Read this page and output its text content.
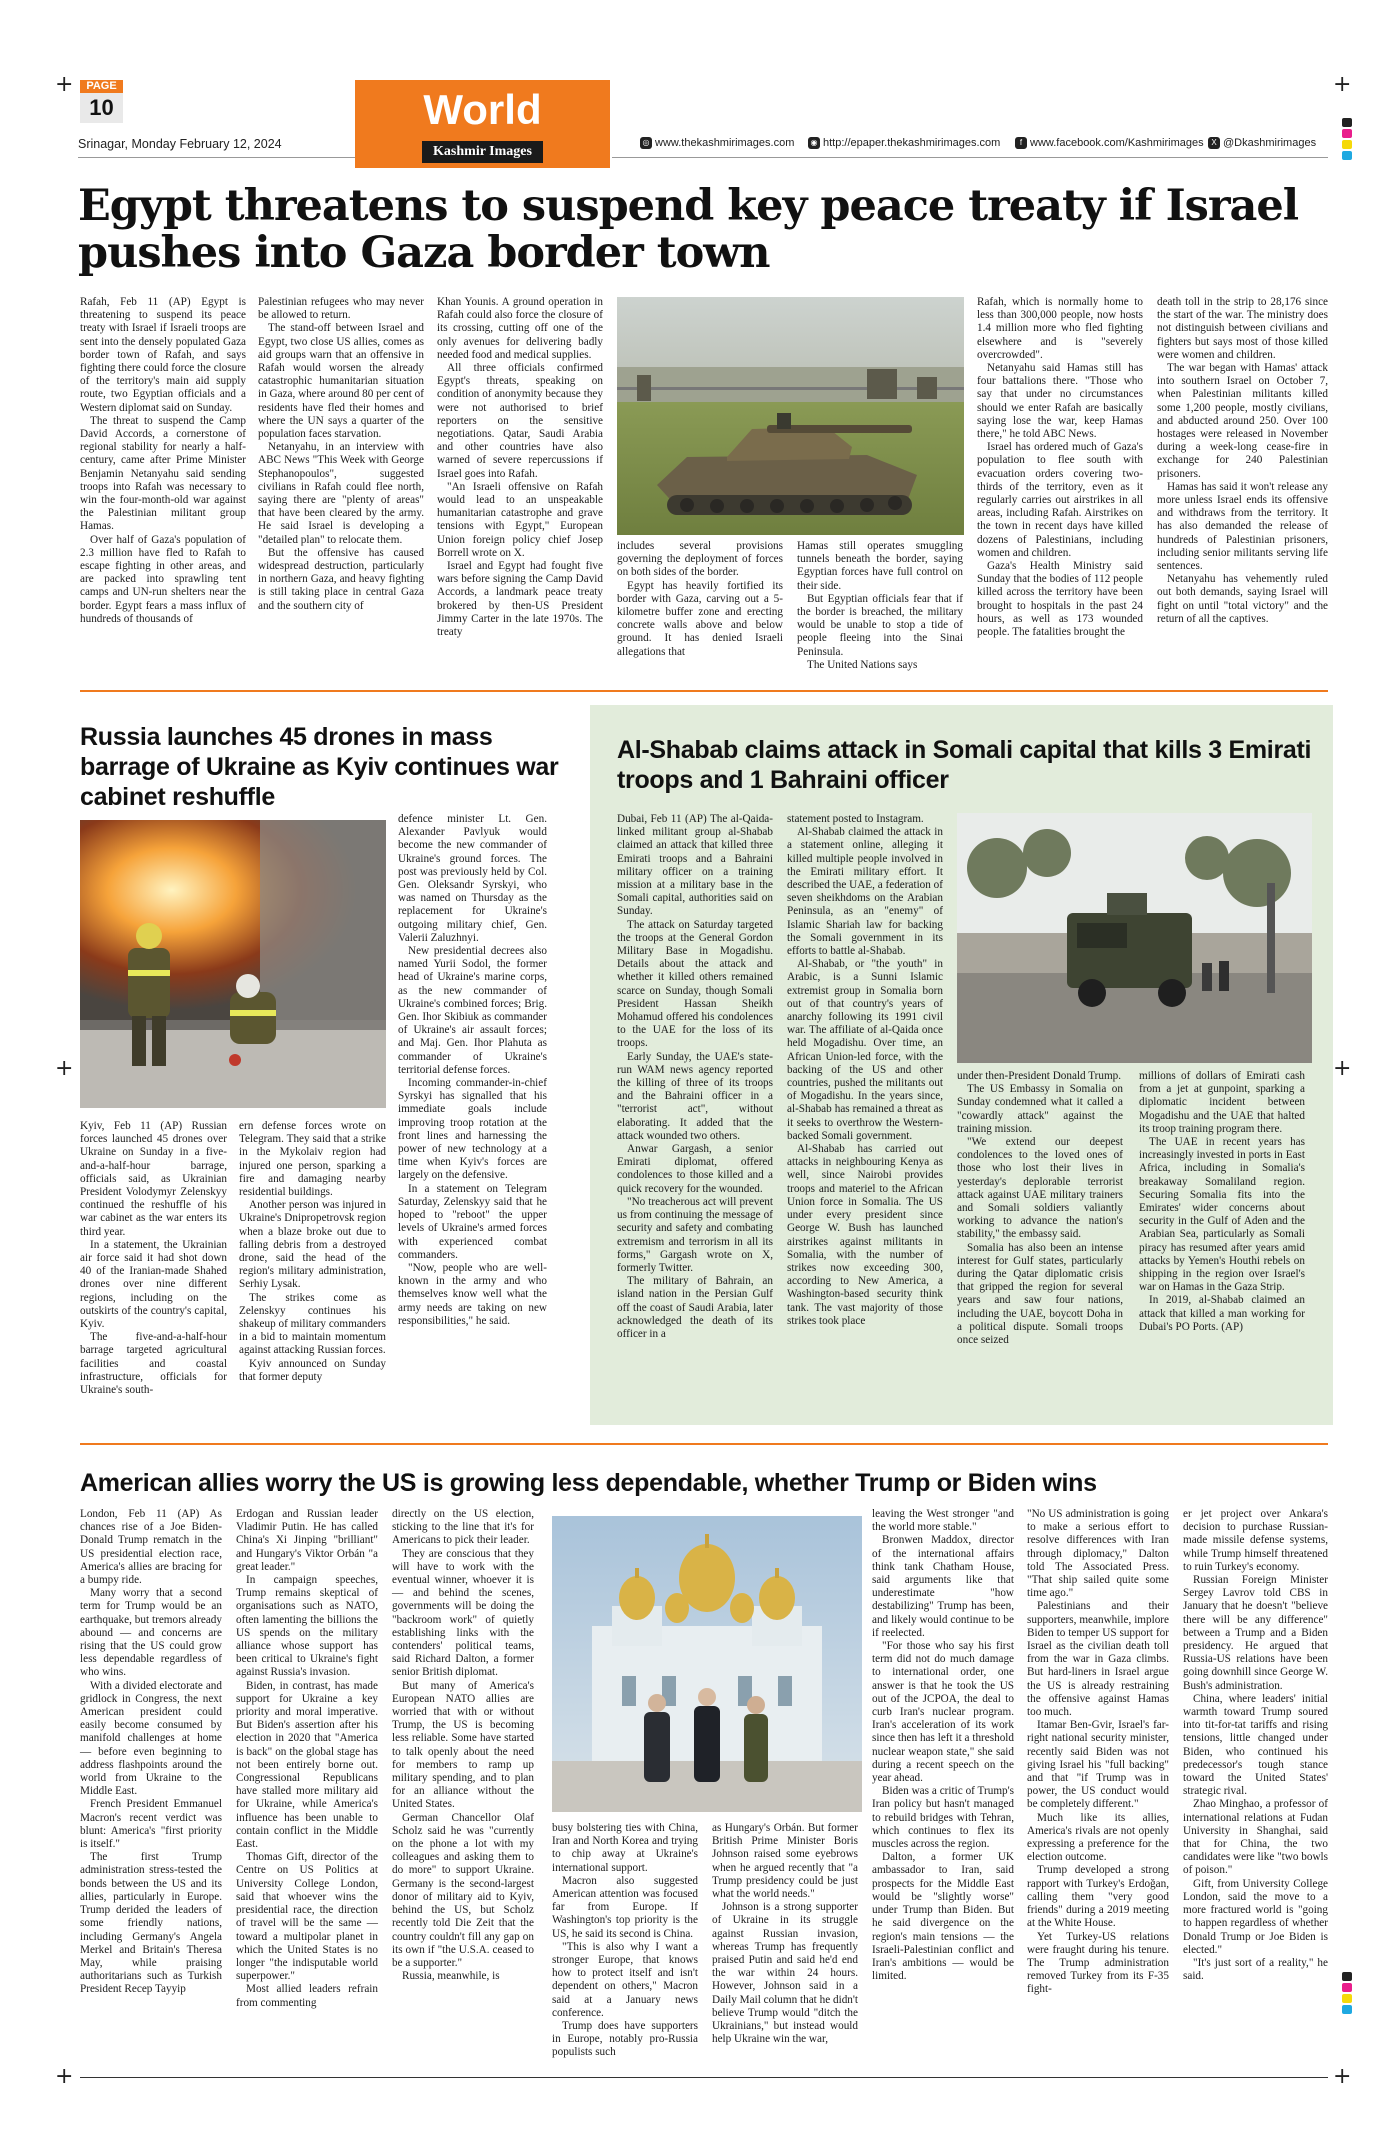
+	+
+	+
+	+
PAGE
10
Srinagar, Monday February 12, 2024
World
Kashmir Images
◎ www.thekashmirimages.com	◉ http://epaper.thekashmirimages.com	f www.facebook.com/Kashmirimages X @Dkashmirimages
Egypt threatens to suspend key peace treaty if Israel pushes into Gaza border town

Rafah, Feb 11 (AP) Egypt is threatening to suspend its peace treaty with Israel if Israeli troops are sent into the densely populated Gaza border town of Rafah, and says fighting there could force the closure of the territory's main aid supply route, two Egyptian officials and a Western diplomat said on Sunday.

The threat to suspend the Camp David Accords, a cornerstone of regional stability for nearly a half-century, came after Prime Minister Benjamin Netanyahu said sending troops into Rafah was necessary to win the four-month-old war against the Palestinian militant group Hamas.

Over half of Gaza's population of 2.3 million have fled to Rafah to escape fighting in other areas, and are packed into sprawling tent camps and UN-run shelters near the border. Egypt fears a mass influx of hundreds of thousands of

Palestinian refugees who may never be allowed to return.

The stand-off between Israel and Egypt, two close US allies, comes as aid groups warn that an offensive in Rafah would worsen the already catastrophic humanitarian situation in Gaza, where around 80 per cent of residents have fled their homes and where the UN says a quarter of the population faces starvation.

Netanyahu, in an interview with ABC News "This Week with George Stephanopoulos", suggested civilians in Rafah could flee north, saying there are "plenty of areas" that have been cleared by the army. He said Israel is developing a "detailed plan" to relocate them.

But the offensive has caused widespread destruction, particularly in northern Gaza, and heavy fighting is still taking place in central Gaza and the southern city of

Khan Younis. A ground operation in Rafah could also force the closure of its crossing, cutting off one of the only avenues for delivering badly needed food and medical supplies.

All three officials confirmed Egypt's threats, speaking on condition of anonymity because they were not authorised to brief reporters on the sensitive negotiations. Qatar, Saudi Arabia and other countries have also warned of severe repercussions if Israel goes into Rafah.

"An Israeli offensive on Rafah would lead to an unspeakable humanitarian catastrophe and grave tensions with Egypt," European Union foreign policy chief Josep Borrell wrote on X.

Israel and Egypt had fought five wars before signing the Camp David Accords, a landmark peace treaty brokered by then-US President Jimmy Carter in the late 1970s. The treaty

includes several provisions governing the deployment of forces on both sides of the border.

Egypt has heavily fortified its border with Gaza, carving out a 5-kilometre buffer zone and erecting concrete walls above and below ground. It has denied Israeli allegations that

Hamas still operates smuggling tunnels beneath the border, saying Egyptian forces have full control on their side.

But Egyptian officials fear that if the border is breached, the military would be unable to stop a tide of people fleeing into the Sinai Peninsula.

The United Nations says

Rafah, which is normally home to less than 300,000 people, now hosts 1.4 million more who fled fighting elsewhere and is "severely overcrowded".

Netanyahu said Hamas still has four battalions there. "Those who say that under no circumstances should we enter Rafah are basically saying lose the war, keep Hamas there," he told ABC News.

Israel has ordered much of Gaza's population to flee south with evacuation orders covering two-thirds of the territory, even as it regularly carries out airstrikes in all areas, including Rafah. Airstrikes on the town in recent days have killed dozens of Palestinians, including women and children.

Gaza's Health Ministry said Sunday that the bodies of 112 people killed across the territory have been brought to hospitals in the past 24 hours, as well as 173 wounded people. The fatalities brought the

death toll in the strip to 28,176 since the start of the war. The ministry does not distinguish between civilians and fighters but says most of those killed were women and children.

The war began with Hamas' attack into southern Israel on October 7, when Palestinian militants killed some 1,200 people, mostly civilians, and abducted around 250. Over 100 hostages were released in November during a week-long cease-fire in exchange for 240 Palestinian prisoners.

Hamas has said it won't release any more unless Israel ends its offensive and withdraws from the territory. It has also demanded the release of hundreds of Palestinian prisoners, including senior militants serving life sentences.

Netanyahu has vehemently ruled out both demands, saying Israel will fight on until "total victory" and the return of all the captives.

Russia launches 45 drones in mass barrage of Ukraine as Kyiv continues war cabinet reshuffle

Kyiv, Feb 11 (AP) Russian forces launched 45 drones over Ukraine on Sunday in a five-and-a-half-hour barrage, officials said, as Ukrainian President Volodymyr Zelenskyy continued the reshuffle of his war cabinet as the war enters its third year.

In a statement, the Ukrainian air force said it had shot down 40 of the Iranian-made Shahed drones over nine different regions, including on the outskirts of the country's capital, Kyiv.

The five-and-a-half-hour barrage targeted agricultural facilities and coastal infrastructure, officials for Ukraine's south-

ern defense forces wrote on Telegram. They said that a strike in the Mykolaiv region had injured one person, sparking a fire and damaging nearby residential buildings.

Another person was injured in Ukraine's Dnipropetrovsk region when a blaze broke out due to falling debris from a destroyed drone, said the head of the region's military administration, Serhiy Lysak.

The strikes come as Zelenskyy continues his shakeup of military commanders in a bid to maintain momentum against attacking Russian forces.

Kyiv announced on Sunday that former deputy

defence minister Lt. Gen. Alexander Pavlyuk would become the new commander of Ukraine's ground forces. The post was previously held by Col. Gen. Oleksandr Syrskyi, who was named on Thursday as the replacement for Ukraine's outgoing military chief, Gen. Valerii Zaluzhnyi.

New presidential decrees also named Yurii Sodol, the former head of Ukraine's marine corps, as the new commander of Ukraine's combined forces; Brig. Gen. Ihor Skibiuk as commander of Ukraine's air assault forces; and Maj. Gen. Ihor Plahuta as commander of Ukraine's territorial defense forces.

Incoming commander-in-chief Syrskyi has signalled that his immediate goals include improving troop rotation at the front lines and harnessing the power of new technology at a time when Kyiv's forces are largely on the defensive.

In a statement on Telegram Saturday, Zelenskyy said that he hoped to "reboot" the upper levels of Ukraine's armed forces with experienced combat commanders.

"Now, people who are well-known in the army and who themselves know well what the army needs are taking on new responsibilities," he said.

Al-Shabab claims attack in Somali capital that kills 3 Emirati troops and 1 Bahraini officer

Dubai, Feb 11 (AP) The al-Qaida-linked militant group al-Shabab claimed an attack that killed three Emirati troops and a Bahraini military officer on a training mission at a military base in the Somali capital, authorities said on Sunday.

The attack on Saturday targeted the troops at the General Gordon Military Base in Mogadishu. Details about the attack and whether it killed others remained scarce on Sunday, though Somali President Hassan Sheikh Mohamud offered his condolences to the UAE for the loss of its troops.

Early Sunday, the UAE's state-run WAM news agency reported the killing of three of its troops and the Bahraini officer in a "terrorist act", without elaborating. It added that the attack wounded two others.

Anwar Gargash, a senior Emirati diplomat, offered condolences to those killed and a quick recovery for the wounded.

"No treacherous act will prevent us from continuing the message of security and safety and combating extremism and terrorism in all its forms," Gargash wrote on X, formerly Twitter.

The military of Bahrain, an island nation in the Persian Gulf off the coast of Saudi Arabia, later acknowledged the death of its officer in a

statement posted to Instagram.

Al-Shabab claimed the attack in a statement online, alleging it killed multiple people involved in the Emirati military effort. It described the UAE, a federation of seven sheikhdoms on the Arabian Peninsula, as an "enemy" of Islamic Shariah law for backing the Somali government in its efforts to battle al-Shabab.

Al-Shabab, or "the youth" in Arabic, is a Sunni Islamic extremist group in Somalia born out of that country's years of anarchy following its 1991 civil war. The affiliate of al-Qaida once held Mogadishu. Over time, an African Union-led force, with the backing of the US and other countries, pushed the militants out of Mogadishu. In the years since, al-Shabab has remained a threat as it seeks to overthrow the Western-backed Somali government.

Al-Shabab has carried out attacks in neighbouring Kenya as well, since Nairobi provides troops and materiel to the African Union force in Somalia. The US under every president since George W. Bush has launched airstrikes against militants in Somalia, with the number of strikes now exceeding 300, according to New America, a Washington-based security think tank. The vast majority of those strikes took place

under then-President Donald Trump.

The US Embassy in Somalia on Sunday condemned what it called a "cowardly attack" against the training mission.

"We extend our deepest condolences to the loved ones of those who lost their lives in yesterday's deplorable terrorist attack against UAE military trainers and Somali soldiers valiantly working to advance the nation's stability," the embassy said.

Somalia has also been an intense interest for Gulf states, particularly during the Qatar diplomatic crisis that gripped the region for several years and saw four nations, including the UAE, boycott Doha in a political dispute. Somali troops once seized

millions of dollars of Emirati cash from a jet at gunpoint, sparking a diplomatic incident between Mogadishu and the UAE that halted its troop training program there.

The UAE in recent years has increasingly invested in ports in East Africa, including in Somalia's breakaway Somaliland region. Securing Somalia fits into the Emirates' wider concerns about security in the Gulf of Aden and the Arabian Sea, particularly as Somali piracy has resumed after years amid attacks by Yemen's Houthi rebels on shipping in the region over Israel's war on Hamas in the Gaza Strip.

In 2019, al-Shabab claimed an attack that killed a man working for Dubai's PO Ports. (AP)

American allies worry the US is growing less dependable, whether Trump or Biden wins

London, Feb 11 (AP) As chances rise of a Joe Biden-Donald Trump rematch in the US presidential election race, America's allies are bracing for a bumpy ride.

Many worry that a second term for Trump would be an earthquake, but tremors already abound — and concerns are rising that the US could grow less dependable regardless of who wins.

With a divided electorate and gridlock in Congress, the next American president could easily become consumed by manifold challenges at home — before even beginning to address flashpoints around the world from Ukraine to the Middle East.

French President Emmanuel Macron's recent verdict was blunt: America's "first priority is itself."

The first Trump administration stress-tested the bonds between the US and its allies, particularly in Europe. Trump derided the leaders of some friendly nations, including Germany's Angela Merkel and Britain's Theresa May, while praising authoritarians such as Turkish President Recep Tayyip

Erdogan and Russian leader Vladimir Putin. He has called China's Xi Jinping "brilliant" and Hungary's Viktor Orbán "a great leader."

In campaign speeches, Trump remains skeptical of organisations such as NATO, often lamenting the billions the US spends on the military alliance whose support has been critical to Ukraine's fight against Russia's invasion.

Biden, in contrast, has made support for Ukraine a key priority and moral imperative. But Biden's assertion after his election in 2020 that "America is back" on the global stage has not been entirely borne out. Congressional Republicans have stalled more military aid for Ukraine, while America's influence has been unable to contain conflict in the Middle East.

Thomas Gift, director of the Centre on US Politics at University College London, said that whoever wins the presidential race, the direction of travel will be the same — toward a multipolar planet in which the United States is no longer "the indisputable world superpower."

Most allied leaders refrain from commenting

directly on the US election, sticking to the line that it's for Americans to pick their leader.

They are conscious that they will have to work with the eventual winner, whoever it is — and behind the scenes, governments will be doing the "backroom work" of quietly establishing links with the contenders' political teams, said Richard Dalton, a former senior British diplomat.

But many of America's European NATO allies are worried that with or without Trump, the US is becoming less reliable. Some have started to talk openly about the need for members to ramp up military spending, and to plan for an alliance without the United States.

German Chancellor Olaf Scholz said he was "currently on the phone a lot with my colleagues and asking them to do more" to support Ukraine. Germany is the second-largest donor of military aid to Kyiv, behind the US, but Scholz recently told Die Zeit that the country couldn't fill any gap on its own if "the U.S.A. ceased to be a supporter."

Russia, meanwhile, is

busy bolstering ties with China, Iran and North Korea and trying to chip away at Ukraine's international support.

Macron also suggested American attention was focused far from Europe. If Washington's top priority is the US, he said its second is China.

"This is also why I want a stronger Europe, that knows how to protect itself and isn't dependent on others," Macron said at a January news conference.

Trump does have supporters in Europe, notably pro-Russia populists such

as Hungary's Orbán. But former British Prime Minister Boris Johnson raised some eyebrows when he argued recently that "a Trump presidency could be just what the world needs."

Johnson is a strong supporter of Ukraine in its struggle against Russian invasion, whereas Trump has frequently praised Putin and said he'd end the war within 24 hours. However, Johnson said in a Daily Mail column that he didn't believe Trump would "ditch the Ukrainians," but instead would help Ukraine win the war,

leaving the West stronger "and the world more stable."

Bronwen Maddox, director of the international affairs think tank Chatham House, said arguments like that underestimate "how destabilizing" Trump has been, and likely would continue to be if reelected.

"For those who say his first term did not do much damage to international order, one answer is that he took the US out of the JCPOA, the deal to curb Iran's nuclear program. Iran's acceleration of its work since then has left it a threshold nuclear weapon state," she said during a recent speech on the year ahead.

Biden was a critic of Trump's Iran policy but hasn't managed to rebuild bridges with Tehran, which continues to flex its muscles across the region.

Dalton, a former UK ambassador to Iran, said prospects for the Middle East would be "slightly worse" under Trump than Biden. But he said divergence on the region's main tensions — the Israeli-Palestinian conflict and Iran's ambitions — would be limited.

"No US administration is going to make a serious effort to resolve differences with Iran through diplomacy," Dalton told The Associated Press. "That ship sailed quite some time ago."

Palestinians and their supporters, meanwhile, implore Biden to temper US support for Israel as the civilian death toll from the war in Gaza climbs. But hard-liners in Israel argue the US is already restraining the offensive against Hamas too much.

Itamar Ben-Gvir, Israel's far-right national security minister, recently said Biden was not giving Israel his "full backing" and that "if Trump was in power, the US conduct would be completely different."

Much like its allies, America's rivals are not openly expressing a preference for the election outcome.

Trump developed a strong rapport with Turkey's Erdoğan, calling them "very good friends" during a 2019 meeting at the White House.

Yet Turkey-US relations were fraught during his tenure. The Trump administration removed Turkey from its F-35 fight-

er jet project over Ankara's decision to purchase Russian-made missile defense systems, while Trump himself threatened to ruin Turkey's economy.

Russian Foreign Minister Sergey Lavrov told CBS in January that he doesn't "believe there will be any difference" between a Trump and a Biden presidency. He argued that Russia-US relations have been going downhill since George W. Bush's administration.

China, where leaders' initial warmth toward Trump soured into tit-for-tat tariffs and rising tensions, little changed under Biden, who continued his predecessor's tough stance toward the United States' strategic rival.

Zhao Minghao, a professor of international relations at Fudan University in Shanghai, said that for China, the two candidates were like "two bowls of poison."

Gift, from University College London, said the move to a more fractured world is "going to happen regardless of whether Donald Trump or Joe Biden is elected."

"It's just sort of a reality," he said.
